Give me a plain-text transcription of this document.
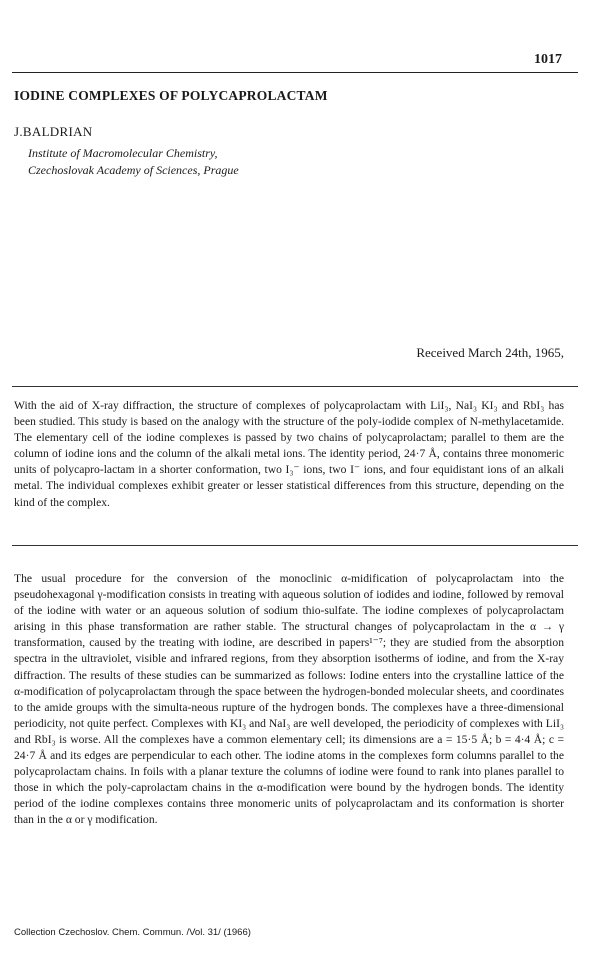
1017
IODINE COMPLEXES OF POLYCAPROLACTAM
J.BALDRIAN
Institute of Macromolecular Chemistry,
Czechoslovak Academy of Sciences, Prague
Received March 24th, 1965,

With the aid of X-ray diffraction, the structure of complexes of polycaprolactam with LiI₃, NaI₃ KI₃ and RbI₃ has been studied. This study is based on the analogy with the structure of the poly-iodide complex of N-methylacetamide. The elementary cell of the iodine complexes is passed by two chains of polycaprolactam; parallel to them are the column of iodine ions and the column of the alkali metal ions. The identity period, 24·7 Å, contains three monomeric units of polycapro-lactam in a shorter conformation, two I₃⁻ ions, two I⁻ ions, and four equidistant ions of an alkali metal. The individual complexes exhibit greater or lesser statistical differences from this structure, depending on the kind of the complex.

The usual procedure for the conversion of the monoclinic α-midification of polycaprolactam into the pseudohexagonal γ-modification consists in treating with aqueous solution of iodides and iodine, followed by removal of the iodine with water or an aqueous solution of sodium thio-sulfate. The iodine complexes of polycaprolactam arising in this phase transformation are rather stable. The structural changes of polycaprolactam in the α → γ transformation, caused by the treating with iodine, are described in papers¹⁻⁷; they are studied from the absorption spectra in the ultraviolet, visible and infrared regions, from they absorption isotherms of iodine, and from the X-ray diffraction. The results of these studies can be summarized as follows: Iodine enters into the crystalline lattice of the α-modification of polycaprolactam through the space between the hydrogen-bonded molecular sheets, and coordinates to the amide groups with the simulta-neous rupture of the hydrogen bonds. The complexes have a three-dimensional periodicity, not quite perfect. Complexes with KI₃ and NaI₃ are well developed, the periodicity of complexes with LiI₃ and RbI₃ is worse. All the complexes have a common elementary cell; its dimensions are a = 15·5 Å; b = 4·4 Å; c = 24·7 Å and its edges are perpendicular to each other. The iodine atoms in the complexes form columns parallel to the polycaprolactam chains. In foils with a planar texture the columns of iodine were found to rank into planes parallel to those in which the poly-caprolactam chains in the α-modification were bound by the hydrogen bonds. The identity period of the iodine complexes contains three monomeric units of polycaprolactam and its conformation is shorter than in the α or γ modification.

Collection Czechoslov. Chem. Commun. /Vol. 31/ (1966)
